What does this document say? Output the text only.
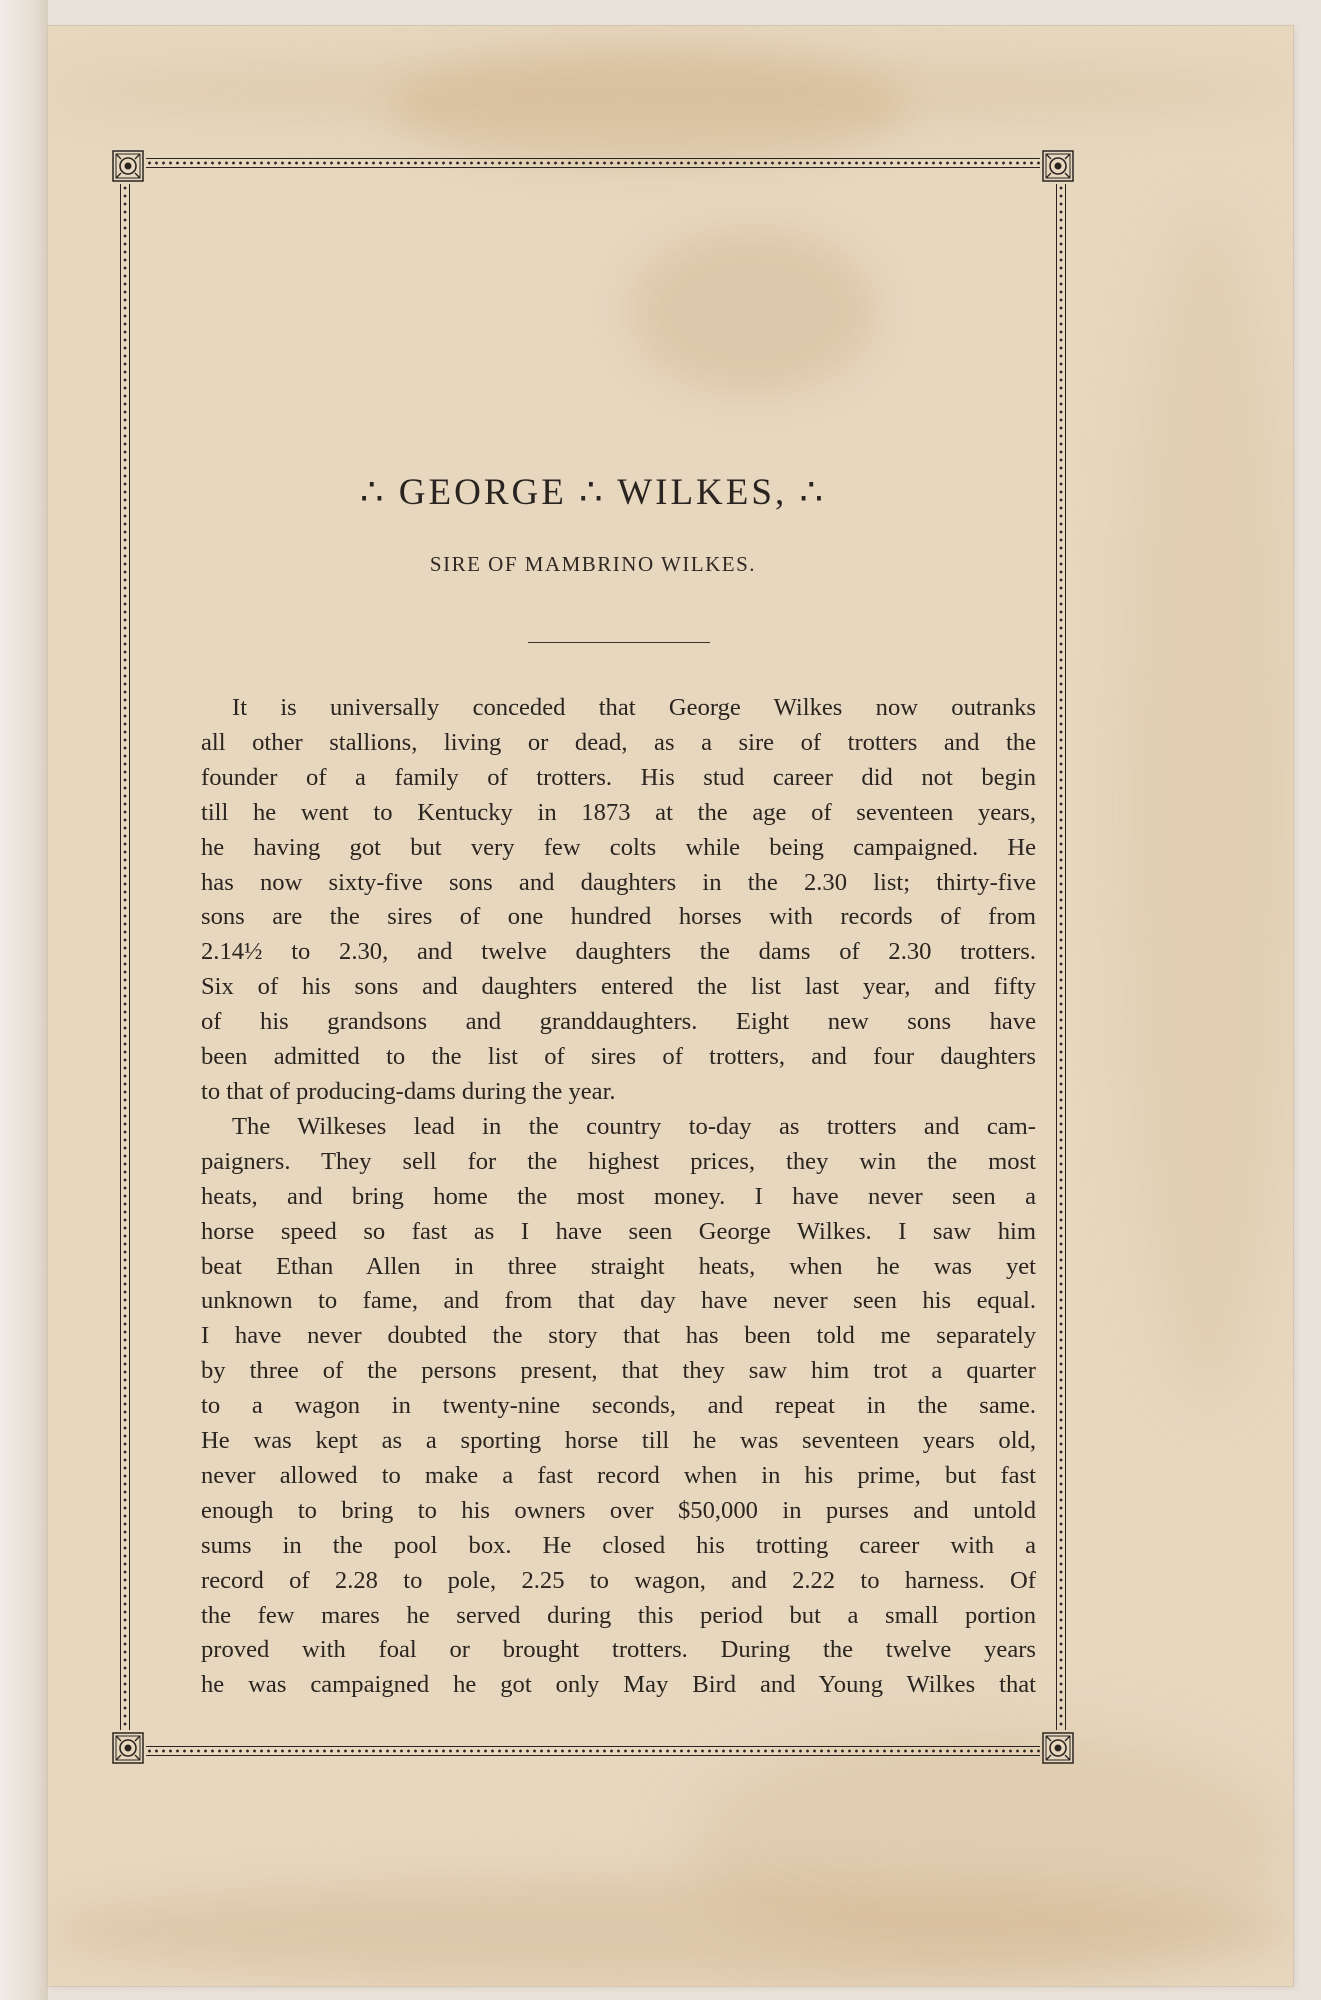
∴ GEORGE ∴ WILKES, ∴
SIRE OF MAMBRINO WILKES.

It is universally conceded that George Wilkes now outranks
all other stallions, living or dead, as a sire of trotters and the
founder of a family of trotters. His stud career did not begin
till he went to Kentucky in 1873 at the age of seventeen years,
he having got but very few colts while being campaigned. He
has now sixty-five sons and daughters in the 2.30 list; thirty-five
sons are the sires of one hundred horses with records of from
2.14½ to 2.30, and twelve daughters the dams of 2.30 trotters.
Six of his sons and daughters entered the list last year, and fifty
of his grandsons and granddaughters. Eight new sons have
been admitted to the list of sires of trotters, and four daughters
to that of producing-dams during the year.

The Wilkeses lead in the country to-day as trotters and cam-
paigners. They sell for the highest prices, they win the most
heats, and bring home the most money. I have never seen a
horse speed so fast as I have seen George Wilkes. I saw him
beat Ethan Allen in three straight heats, when he was yet
unknown to fame, and from that day have never seen his equal.
I have never doubted the story that has been told me separately
by three of the persons present, that they saw him trot a quarter
to a wagon in twenty-nine seconds, and repeat in the same.
He was kept as a sporting horse till he was seventeen years old,
never allowed to make a fast record when in his prime, but fast
enough to bring to his owners over $50,000 in purses and untold
sums in the pool box. He closed his trotting career with a
record of 2.28 to pole, 2.25 to wagon, and 2.22 to harness. Of
the few mares he served during this period but a small portion
proved with foal or brought trotters. During the twelve years
he was campaigned he got only May Bird and Young Wilkes that
